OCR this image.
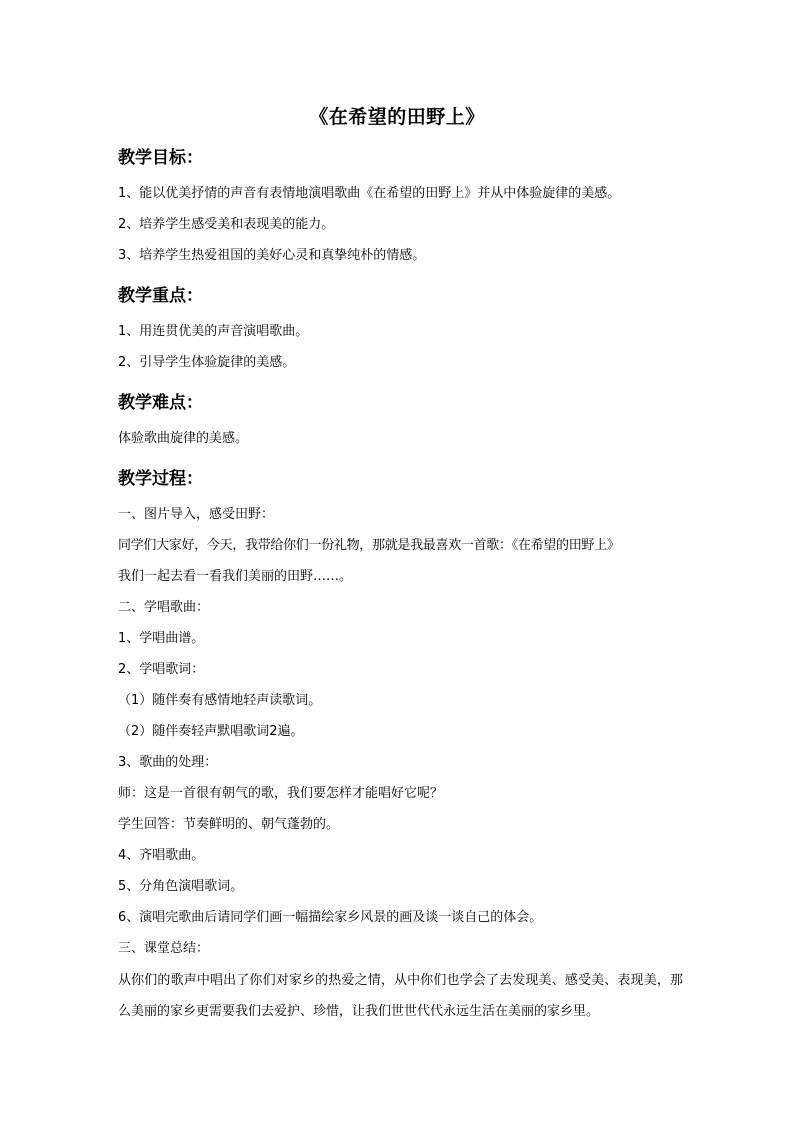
《在希望的田野上》

教学目标：

1、能以优美抒情的声音有表情地演唱歌曲《在希望的田野上》并从中体验旋律的美感。

2、培养学生感受美和表现美的能力。

3、培养学生热爱祖国的美好心灵和真挚纯朴的情感。

教学重点：

1、用连贯优美的声音演唱歌曲。

2、引导学生体验旋律的美感。

教学难点：

体验歌曲旋律的美感。

教学过程：

一、图片导入，感受田野：

同学们大家好，今天，我带给你们一份礼物，那就是我最喜欢一首歌：《在希望的田野上》

我们一起去看一看我们美丽的田野……。

二、学唱歌曲：

1、学唱曲谱。

2、学唱歌词：

（1）随伴奏有感情地轻声读歌词。

（2）随伴奏轻声默唱歌词2遍。

3、歌曲的处理：

师：这是一首很有朝气的歌，我们要怎样才能唱好它呢？

学生回答：节奏鲜明的、朝气蓬勃的。

4、齐唱歌曲。

5、分角色演唱歌词。

6、演唱完歌曲后请同学们画一幅描绘家乡风景的画及谈一谈自己的体会。

三、课堂总结：

从你们的歌声中唱出了你们对家乡的热爱之情，从中你们也学会了去发现美、感受美、表现美，那么美丽的家乡更需要我们去爱护、珍惜，让我们世世代代永远生活在美丽的家乡里。
